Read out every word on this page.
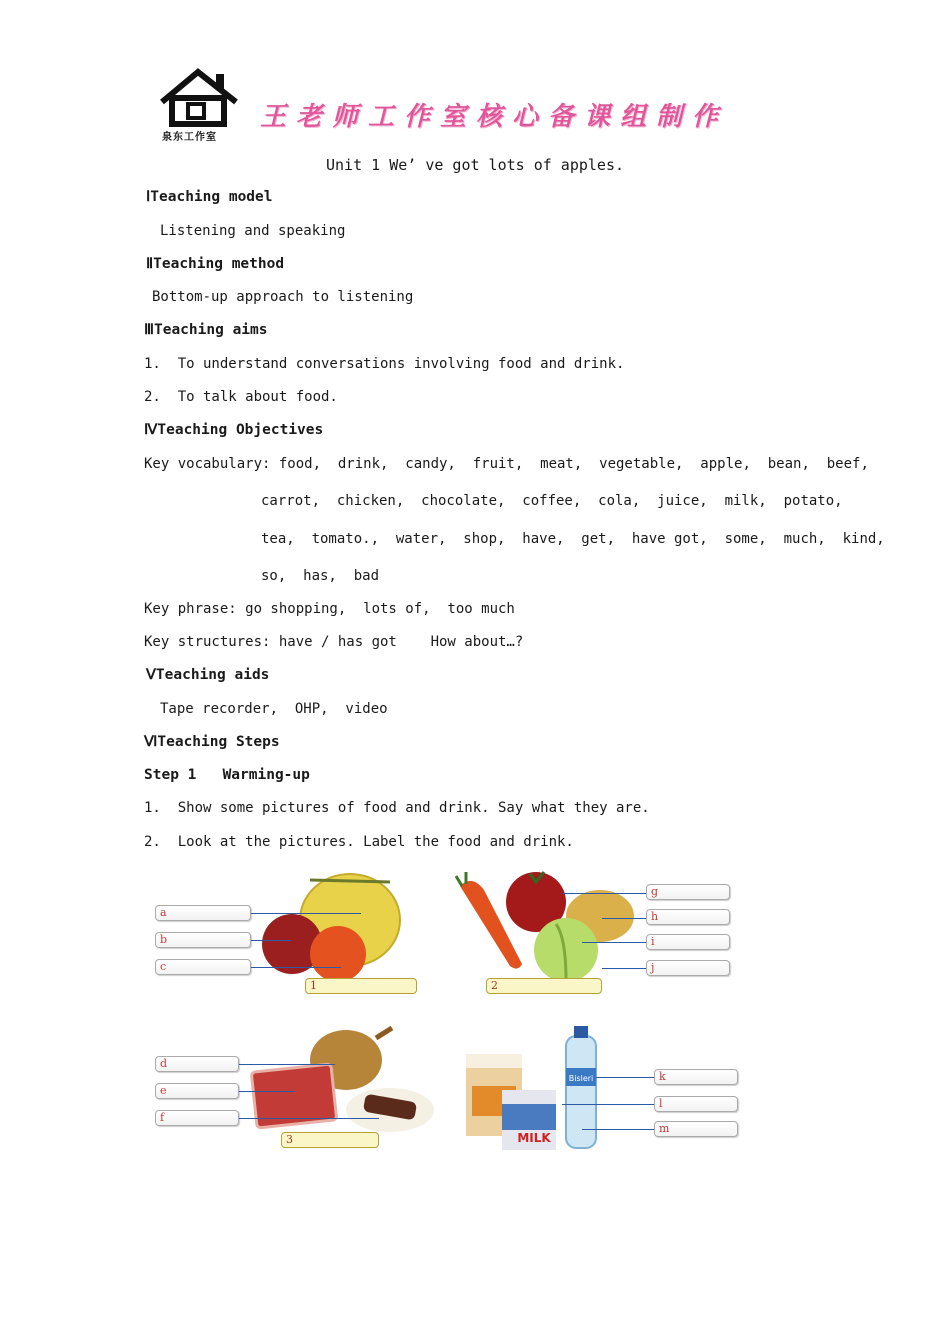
泉东工作室
王老师工作室核心备课组制作
Unit 1 We’ ve got lots of apples.
ⅠTeaching model
Listening and speaking
ⅡTeaching method
Bottom-up approach to listening
ⅢTeaching aims
1.  To understand conversations involving food and drink.
2.  To talk about food.
ⅣTeaching Objectives
Key vocabulary: food,  drink,  candy,  fruit,  meat,  vegetable,  apple,  bean,  beef,
carrot,  chicken,  chocolate,  coffee,  cola,  juice,  milk,  potato,
tea,  tomato.,  water,  shop,  have,  get,  have got,  some,  much,  kind,
so,  has,  bad
Key phrase: go shopping,  lots of,  too much
Key structures: have / has got    How about…?
ⅤTeaching aids
Tape recorder,  OHP,  video
ⅥTeaching Steps
Step 1   Warming-up
1.  Show some pictures of food and drink. Say what they are.
2.  Look at the pictures. Label the food and drink.
a
b
c
1
g
h
i
j
2
d
e
f
3	MILK
Bisleri	k
l
m
